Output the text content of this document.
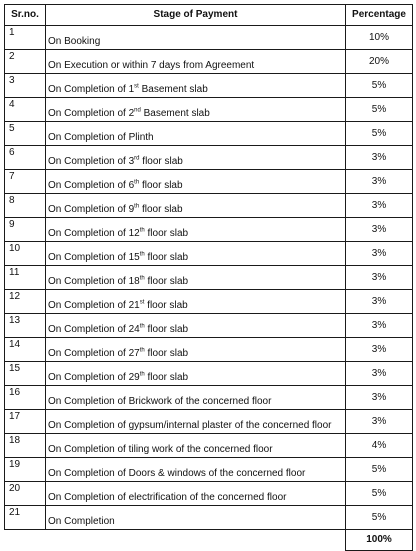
Sr.no.	Stage of Payment	Percentage
1	On Booking	10%
2	On Execution or within 7 days from Agreement	20%
3	On Completion of 1st Basement slab	5%
4	On Completion of 2nd Basement slab	5%
5	On Completion of Plinth	5%
6	On Completion of 3rd floor slab	3%
7	On Completion of 6th floor slab	3%
8	On Completion of 9th floor slab	3%
9	On Completion of 12th floor slab	3%
10	On Completion of 15th floor slab	3%
11	On Completion of 18th floor slab	3%
12	On Completion of 21st floor slab	3%
13	On Completion of 24th floor slab	3%
14	On Completion of 27th floor slab	3%
15	On Completion of 29th floor slab	3%
16	On Completion of Brickwork of the concerned floor	3%
17	On Completion of gypsum/internal plaster of the concerned floor	3%
18	On Completion of tiling work of the concerned floor	4%
19	On Completion of Doors & windows of the concerned floor	5%
20	On Completion of electrification of the concerned floor	5%
21	On Completion	5%
		100%
